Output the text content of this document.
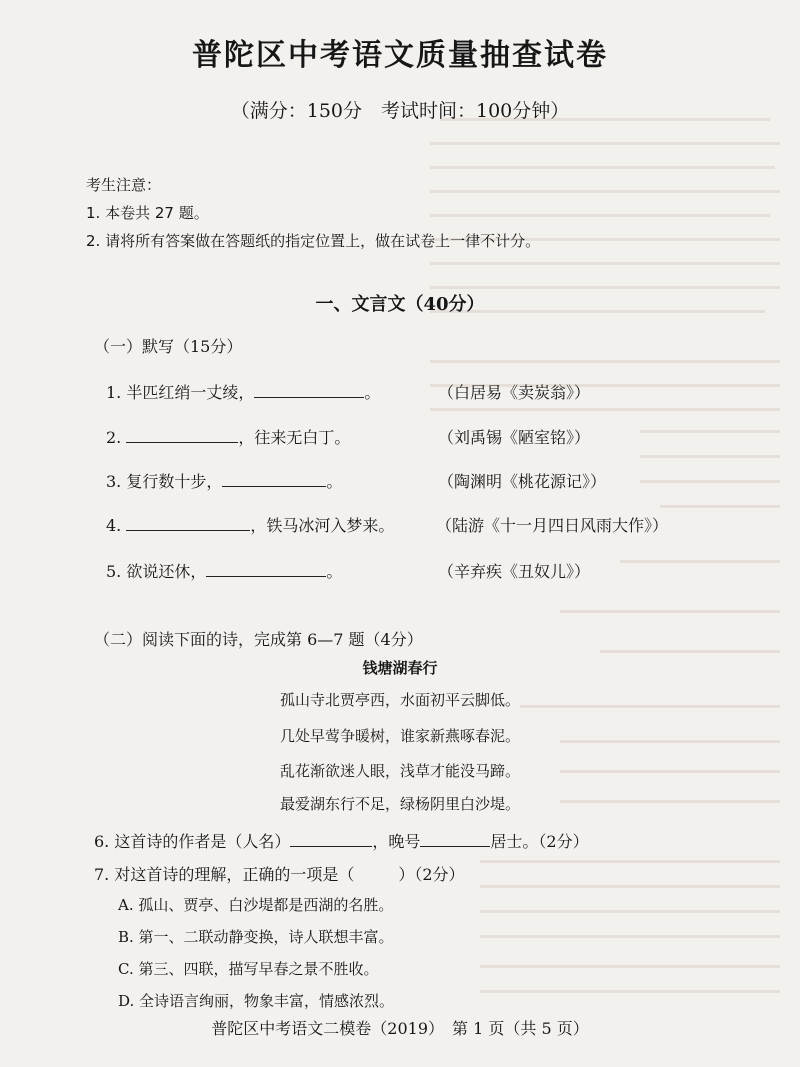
普陀区中考语文质量抽查试卷
（满分：150分　考试时间：100分钟）
考生注意：
1. 本卷共 27 题。
2. 请将所有答案做在答题纸的指定位置上，做在试卷上一律不计分。
一、文言文（40分）
（一）默写（15分）
1. 半匹红绡一丈绫，	。	（白居易《卖炭翁》）
2.	，往来无白丁。	（刘禹锡《陋室铭》）
3. 复行数十步，	。	（陶渊明《桃花源记》）
4.	，铁马冰河入梦来。	（陆游《十一月四日风雨大作》）
5. 欲说还休，	。	（辛弃疾《丑奴儿》）
（二）阅读下面的诗，完成第 6—7 题（4分）
钱塘湖春行
孤山寺北贾亭西，水面初平云脚低。
几处早莺争暖树，谁家新燕啄春泥。
乱花渐欲迷人眼，浅草才能没马蹄。
最爱湖东行不足，绿杨阴里白沙堤。
6. 这首诗的作者是（人名）	，晚号	居士。（2分）
7. 对这首诗的理解，正确的一项是（	）（2分）
A. 孤山、贾亭、白沙堤都是西湖的名胜。
B. 第一、二联动静变换，诗人联想丰富。
C. 第三、四联，描写早春之景不胜收。
D. 全诗语言绚丽，物象丰富，情感浓烈。
普陀区中考语文二模卷（2019）　第 1 页（共 5 页）
